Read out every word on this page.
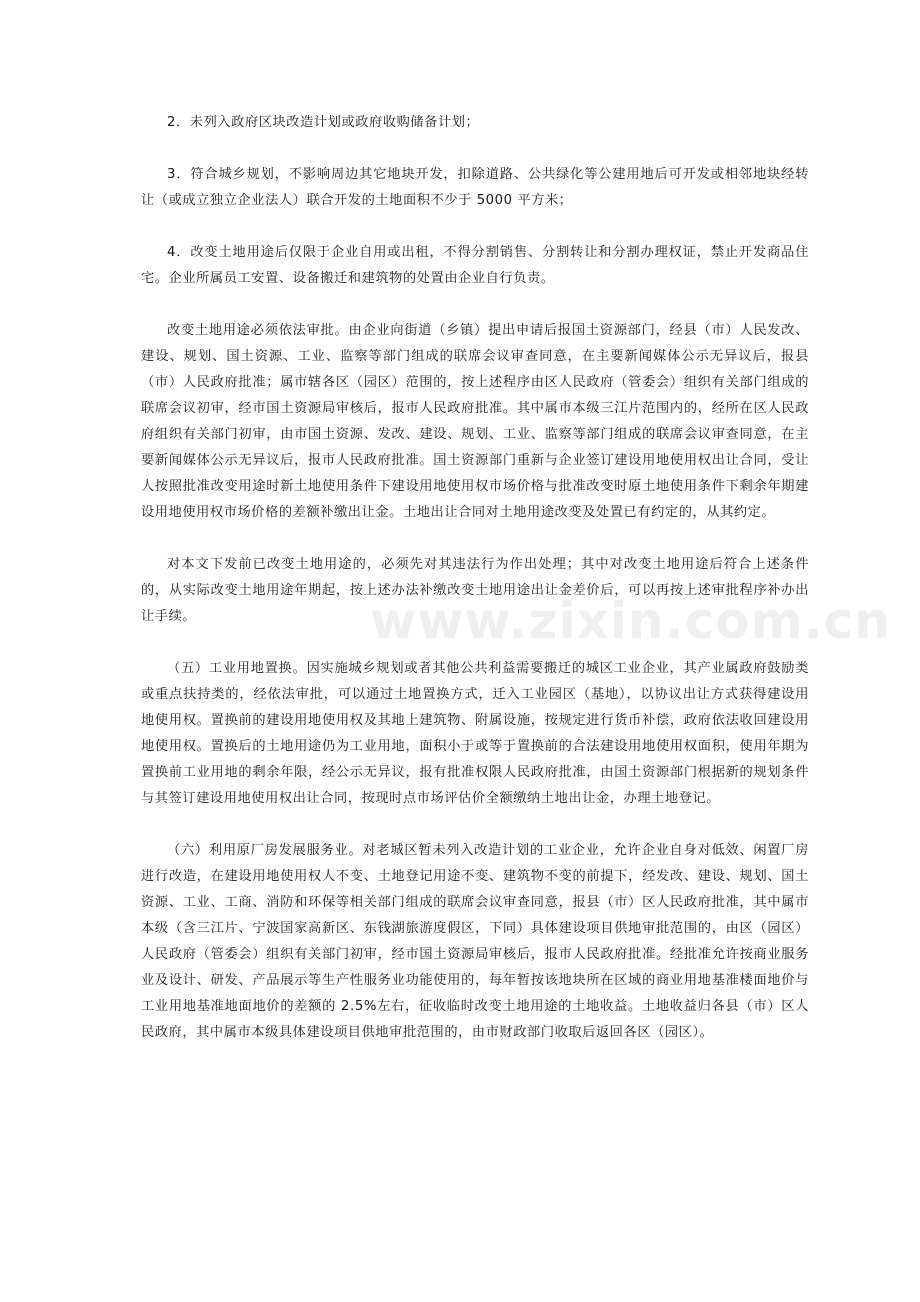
2．未列入政府区块改造计划或政府收购储备计划；

3．符合城乡规划，不影响周边其它地块开发，扣除道路、公共绿化等公建用地后可开发或相邻地块经转让（或成立独立企业法人）联合开发的土地面积不少于 5000 平方米；

4．改变土地用途后仅限于企业自用或出租，不得分割销售、分割转让和分割办理权证，禁止开发商品住宅。企业所属员工安置、设备搬迁和建筑物的处置由企业自行负责。

改变土地用途必须依法审批。由企业向街道（乡镇）提出申请后报国土资源部门，经县（市）人民发改、建设、规划、国土资源、工业、监察等部门组成的联席会议审查同意，在主要新闻媒体公示无异议后，报县（市）人民政府批准；属市辖各区（园区）范围的，按上述程序由区人民政府（管委会）组织有关部门组成的联席会议初审，经市国土资源局审核后，报市人民政府批准。其中属市本级三江片范围内的，经所在区人民政府组织有关部门初审，由市国土资源、发改、建设、规划、工业、监察等部门组成的联席会议审查同意，在主要新闻媒体公示无异议后，报市人民政府批准。国土资源部门重新与企业签订建设用地使用权出让合同，受让人按照批准改变用途时新土地使用条件下建设用地使用权市场价格与批准改变时原土地使用条件下剩余年期建设用地使用权市场价格的差额补缴出让金。土地出让合同对土地用途改变及处置已有约定的，从其约定。

对本文下发前已改变土地用途的，必须先对其违法行为作出处理；其中对改变土地用途后符合上述条件的，从实际改变土地用途年期起，按上述办法补缴改变土地用途出让金差价后，可以再按上述审批程序补办出让手续。

（五）工业用地置换。因实施城乡规划或者其他公共利益需要搬迁的城区工业企业，其产业属政府鼓励类或重点扶持类的，经依法审批，可以通过土地置换方式，迁入工业园区（基地），以协议出让方式获得建设用地使用权。置换前的建设用地使用权及其地上建筑物、附属设施，按规定进行货币补偿，政府依法收回建设用地使用权。置换后的土地用途仍为工业用地，面积小于或等于置换前的合法建设用地使用权面积，使用年期为置换前工业用地的剩余年限，经公示无异议，报有批准权限人民政府批准，由国土资源部门根据新的规划条件与其签订建设用地使用权出让合同，按现时点市场评估价全额缴纳土地出让金，办理土地登记。

（六）利用原厂房发展服务业。对老城区暂未列入改造计划的工业企业，允许企业自身对低效、闲置厂房进行改造，在建设用地使用权人不变、土地登记用途不变、建筑物不变的前提下，经发改、建设、规划、国土资源、工业、工商、消防和环保等相关部门组成的联席会议审查同意，报县（市）区人民政府批准，其中属市本级（含三江片、宁波国家高新区、东钱湖旅游度假区，下同）具体建设项目供地审批范围的，由区（园区）人民政府（管委会）组织有关部门初审，经市国土资源局审核后，报市人民政府批准。经批准允许按商业服务业及设计、研发、产品展示等生产性服务业功能使用的，每年暂按该地块所在区域的商业用地基准楼面地价与工业用地基准地面地价的差额的 2.5%左右，征收临时改变土地用途的土地收益。土地收益归各县（市）区人民政府，其中属市本级具体建设项目供地审批范围的，由市财政部门收取后返回各区（园区）。

www.zixin.com.cn
